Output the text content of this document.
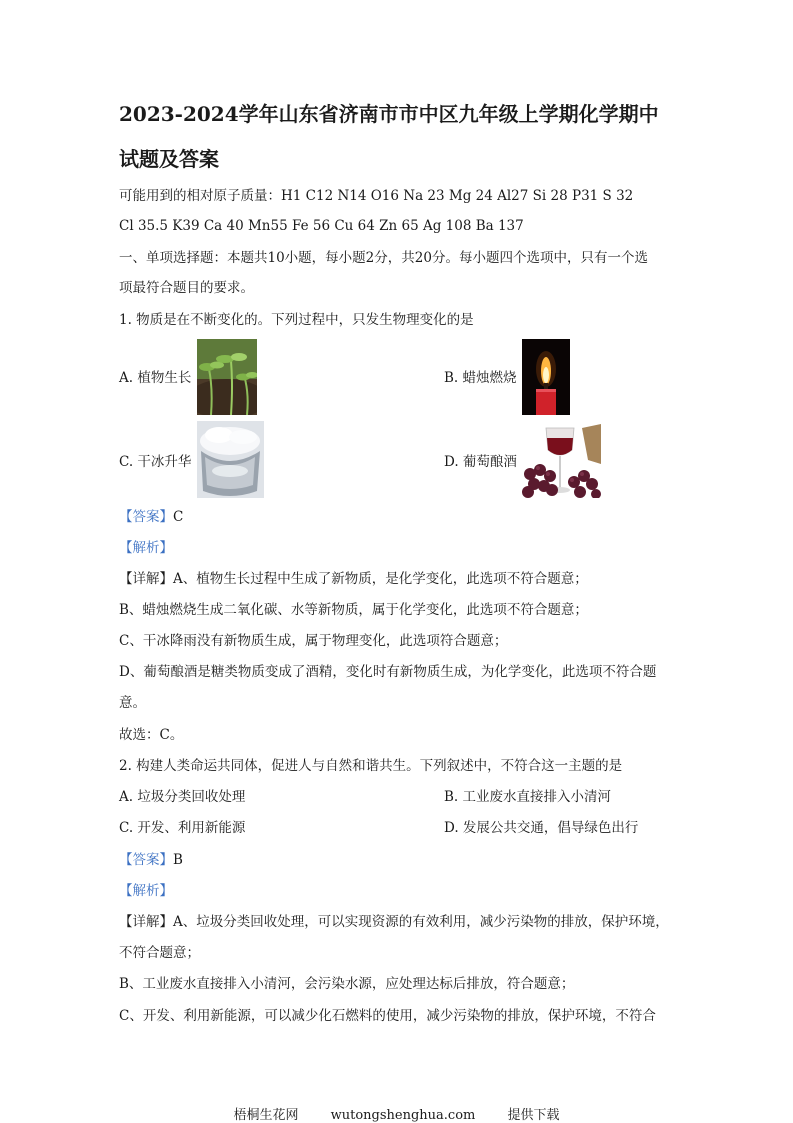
2023-2024学年山东省济南市市中区九年级上学期化学期中
试题及答案
可能用到的相对原子质量：H1 C12 N14 O16 Na 23 Mg 24 Al27 Si 28 P31 S 32
Cl 35.5 K39 Ca 40 Mn55 Fe 56 Cu 64 Zn 65 Ag 108 Ba 137
一、单项选择题：本题共10小题，每小题2分，共20分。每小题四个选项中，只有一个选
项最符合题目的要求。
1. 物质是在不断变化的。下列过程中，只发生物理变化的是
A. 植物生长	B. 蜡烛燃烧
C. 干冰升华	D. 葡萄酿酒
【答案】C
【解析】
【详解】A、植物生长过程中生成了新物质，是化学变化，此选项不符合题意；
B、蜡烛燃烧生成二氧化碳、水等新物质，属于化学变化，此选项不符合题意；
C、干冰降雨没有新物质生成，属于物理变化，此选项符合题意；
D、葡萄酿酒是糖类物质变成了酒精，变化时有新物质生成，为化学变化，此选项不符合题
意。
故选：C。
2. 构建人类命运共同体，促进人与自然和谐共生。下列叙述中，不符合这一主题的是
A. 垃圾分类回收处理	B. 工业废水直接排入小清河
C. 开发、利用新能源	D. 发展公共交通，倡导绿色出行
【答案】B
【解析】
【详解】A、垃圾分类回收处理，可以实现资源的有效利用，减少污染物的排放，保护环境，
不符合题意；
B、工业废水直接排入小清河，会污染水源，应处理达标后排放，符合题意；
C、开发、利用新能源，可以减少化石燃料的使用，减少污染物的排放，保护环境，不符合
梧桐生花网 wutongshenghua.com 提供下载
